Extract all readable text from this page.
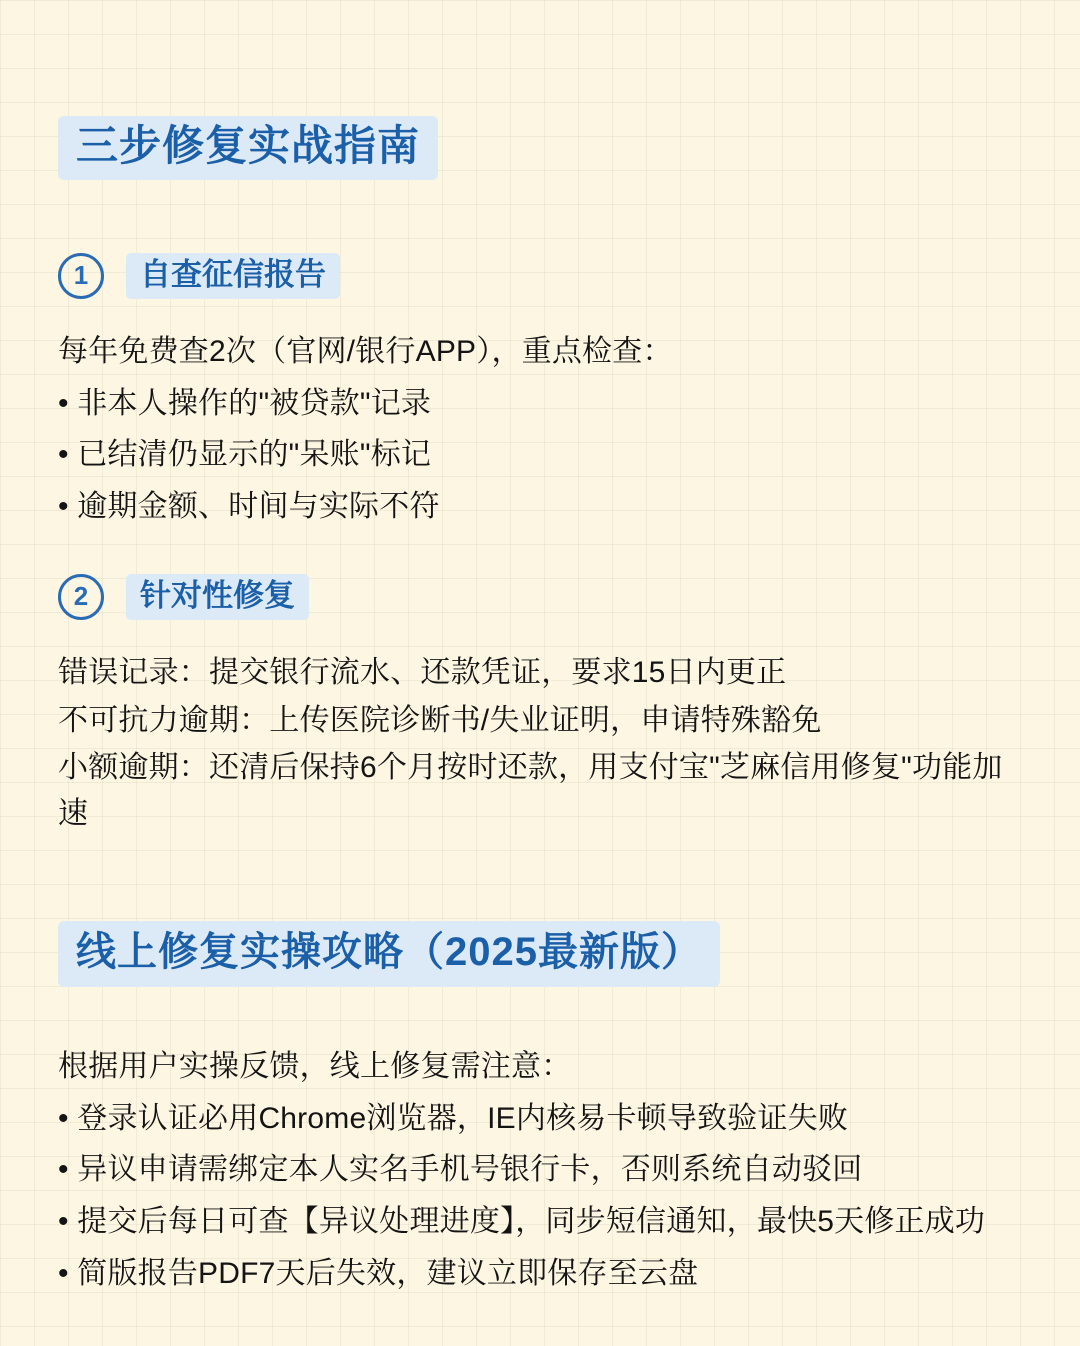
三步修复实战指南
1	自查征信报告

每年免费查2次（官网/银行APP），重点检查：

• 非本人操作的"被贷款"记录

• 已结清仍显示的"呆账"标记

• 逾期金额、时间与实际不符

2	针对性修复

错误记录：提交银行流水、还款凭证，要求15日内更正

不可抗力逾期：上传医院诊断书/失业证明，申请特殊豁免

小额逾期：还清后保持6个月按时还款，用支付宝"芝麻信用修复"功能加速

线上修复实操攻略（2025最新版）

根据用户实操反馈，线上修复需注意：

• 登录认证必用Chrome浏览器，IE内核易卡顿导致验证失败

• 异议申请需绑定本人实名手机号银行卡，否则系统自动驳回

• 提交后每日可查【异议处理进度】，同步短信通知，最快5天修正成功

• 简版报告PDF7天后失效，建议立即保存至云盘
